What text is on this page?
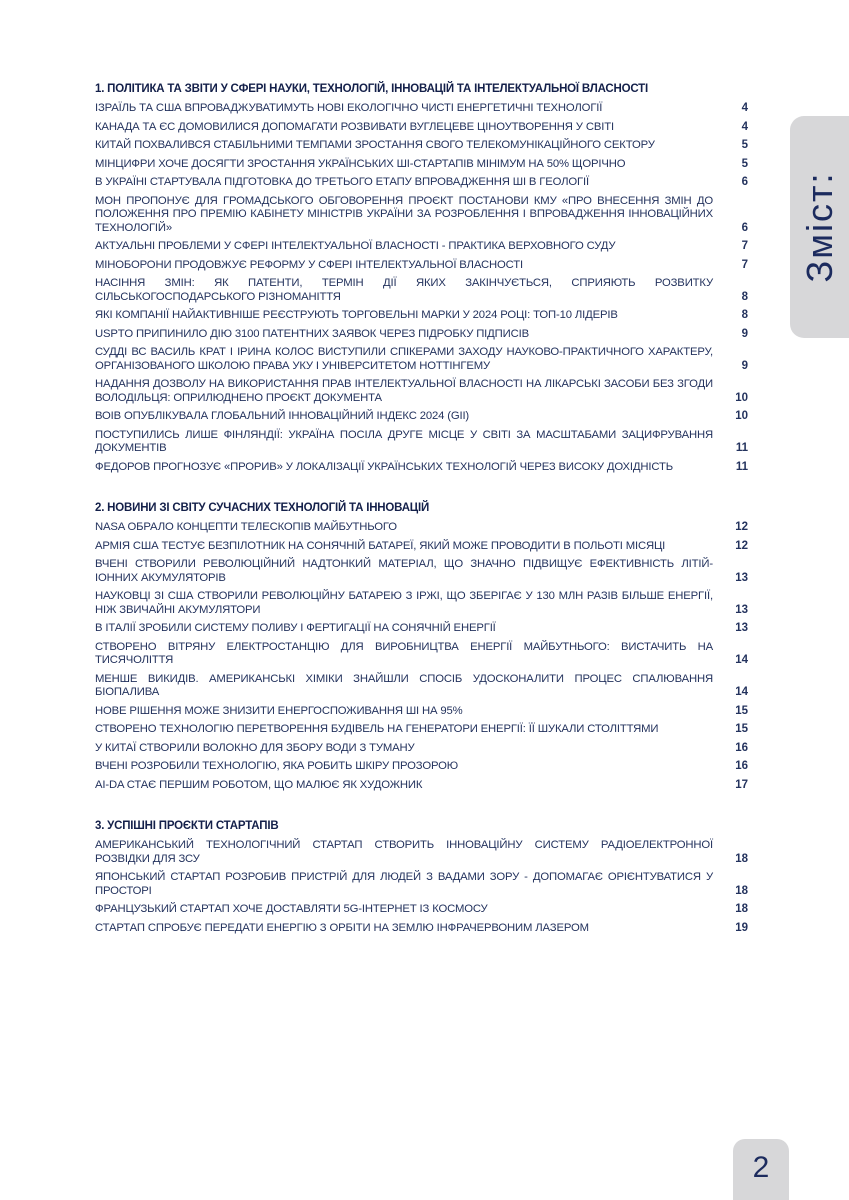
1. ПОЛІТИКА ТА ЗВІТИ У СФЕРІ НАУКИ, ТЕХНОЛОГІЙ, ІННОВАЦІЙ ТА ІНТЕЛЕКТУАЛЬНОЇ ВЛАСНОСТІ
ІЗРАЇЛЬ ТА США ВПРОВАДЖУВАТИМУТЬ НОВІ ЕКОЛОГІЧНО ЧИСТІ ЕНЕРГЕТИЧНІ ТЕХНОЛОГІЇ	4
КАНАДА ТА ЄС ДОМОВИЛИСЯ ДОПОМАГАТИ РОЗВИВАТИ ВУГЛЕЦЕВЕ ЦІНОУТВОРЕННЯ У СВІТІ	4
КИТАЙ ПОХВАЛИВСЯ СТАБІЛЬНИМИ ТЕМПАМИ ЗРОСТАННЯ СВОГО ТЕЛЕКОМУНІКАЦІЙНОГО СЕКТОРУ	5
МІНЦИФРИ ХОЧЕ ДОСЯГТИ ЗРОСТАННЯ УКРАЇНСЬКИХ ШІ-СТАРТАПІВ МІНІМУМ НА 50% ЩОРІЧНО	5
В УКРАЇНІ СТАРТУВАЛА ПІДГОТОВКА ДО ТРЕТЬОГО ЕТАПУ ВПРОВАДЖЕННЯ ШІ В ГЕОЛОГІЇ	6
МОН ПРОПОНУЄ ДЛЯ ГРОМАДСЬКОГО ОБГОВОРЕННЯ ПРОЄКТ ПОСТАНОВИ КМУ «ПРО ВНЕСЕННЯ ЗМІН ДО ПОЛОЖЕННЯ ПРО ПРЕМІЮ КАБІНЕТУ МІНІСТРІВ УКРАЇНИ ЗА РОЗРОБЛЕННЯ І ВПРОВАДЖЕННЯ ІННОВАЦІЙНИХ ТЕХНОЛОГІЙ»	6
АКТУАЛЬНІ ПРОБЛЕМИ У СФЕРІ ІНТЕЛЕКТУАЛЬНОЇ ВЛАСНОСТІ - ПРАКТИКА ВЕРХОВНОГО СУДУ	7
МІНОБОРОНИ ПРОДОВЖУЄ РЕФОРМУ У СФЕРІ ІНТЕЛЕКТУАЛЬНОЇ ВЛАСНОСТІ	7
НАСІННЯ ЗМІН: ЯК ПАТЕНТИ, ТЕРМІН ДІЇ ЯКИХ ЗАКІНЧУЄТЬСЯ, СПРИЯЮТЬ РОЗВИТКУ СІЛЬСЬКОГОСПОДАРСЬКОГО РІЗНОМАНІТТЯ	8
ЯКІ КОМПАНІЇ НАЙАКТИВНІШЕ РЕЄСТРУЮТЬ ТОРГОВЕЛЬНІ МАРКИ У 2024 РОЦІ: ТОП-10 ЛІДЕРІВ	8
USPTO ПРИПИНИЛО ДІЮ 3100 ПАТЕНТНИХ ЗАЯВОК ЧЕРЕЗ ПІДРОБКУ ПІДПИСІВ	9
СУДДІ ВС ВАСИЛЬ КРАТ І ІРИНА КОЛОС ВИСТУПИЛИ СПІКЕРАМИ ЗАХОДУ НАУКОВО-ПРАКТИЧНОГО ХАРАКТЕРУ, ОРГАНІЗОВАНОГО ШКОЛОЮ ПРАВА УКУ І УНІВЕРСИТЕТОМ НОТТІНГЕМУ	9
НАДАННЯ ДОЗВОЛУ НА ВИКОРИСТАННЯ ПРАВ ІНТЕЛЕКТУАЛЬНОЇ ВЛАСНОСТІ НА ЛІКАРСЬКІ ЗАСОБИ БЕЗ ЗГОДИ ВОЛОДІЛЬЦЯ: ОПРИЛЮДНЕНО ПРОЄКТ ДОКУМЕНТА	10
ВОІВ ОПУБЛІКУВАЛА ГЛОБАЛЬНИЙ ІННОВАЦІЙНИЙ ІНДЕКС 2024 (GII)	10
ПОСТУПИЛИСЬ ЛИШЕ ФІНЛЯНДІЇ: УКРАЇНА ПОСІЛА ДРУГЕ МІСЦЕ У СВІТІ ЗА МАСШТАБАМИ ЗАЦИФРУВАННЯ ДОКУМЕНТІВ	11
ФЕДОРОВ ПРОГНОЗУЄ «ПРОРИВ» У ЛОКАЛІЗАЦІЇ УКРАЇНСЬКИХ ТЕХНОЛОГІЙ ЧЕРЕЗ ВИСОКУ ДОХІДНІСТЬ	11
2. НОВИНИ ЗІ СВІТУ СУЧАСНИХ ТЕХНОЛОГІЙ ТА ІННОВАЦІЙ
NASA ОБРАЛО КОНЦЕПТИ ТЕЛЕСКОПІВ МАЙБУТНЬОГО	12
АРМІЯ США ТЕСТУЄ БЕЗПІЛОТНИК НА СОНЯЧНІЙ БАТАРЕЇ, ЯКИЙ МОЖЕ ПРОВОДИТИ В ПОЛЬОТІ МІСЯЦІ	12
ВЧЕНІ СТВОРИЛИ РЕВОЛЮЦІЙНИЙ НАДТОНКИЙ МАТЕРІАЛ, ЩО ЗНАЧНО ПІДВИЩУЄ ЕФЕКТИВНІСТЬ ЛІТІЙ-ІОННИХ АКУМУЛЯТОРІВ	13
НАУКОВЦІ ЗІ США СТВОРИЛИ РЕВОЛЮЦІЙНУ БАТАРЕЮ З ІРЖІ, ЩО ЗБЕРІГАЄ У 130 МЛН РАЗІВ БІЛЬШЕ ЕНЕРГІЇ, НІЖ ЗВИЧАЙНІ АКУМУЛЯТОРИ	13
В ІТАЛІЇ ЗРОБИЛИ СИСТЕМУ ПОЛИВУ І ФЕРТИГАЦІЇ НА СОНЯЧНІЙ ЕНЕРГІЇ	13
СТВОРЕНО ВІТРЯНУ ЕЛЕКТРОСТАНЦІЮ ДЛЯ ВИРОБНИЦТВА ЕНЕРГІЇ МАЙБУТНЬОГО: ВИСТАЧИТЬ НА ТИСЯЧОЛІТТЯ	14
МЕНШЕ ВИКИДІВ. АМЕРИКАНСЬКІ ХІМІКИ ЗНАЙШЛИ СПОСІБ УДОСКОНАЛИТИ ПРОЦЕС СПАЛЮВАННЯ БІОПАЛИВА	14
НОВЕ РІШЕННЯ МОЖЕ ЗНИЗИТИ ЕНЕРГОСПОЖИВАННЯ ШІ НА 95%	15
СТВОРЕНО ТЕХНОЛОГІЮ ПЕРЕТВОРЕННЯ БУДІВЕЛЬ НА ГЕНЕРАТОРИ ЕНЕРГІЇ: ЇЇ ШУКАЛИ СТОЛІТТЯМИ	15
У КИТАЇ СТВОРИЛИ ВОЛОКНО ДЛЯ ЗБОРУ ВОДИ З ТУМАНУ	16
ВЧЕНІ РОЗРОБИЛИ ТЕХНОЛОГІЮ, ЯКА РОБИТЬ ШКІРУ ПРОЗОРОЮ	16
AI-DA СТАЄ ПЕРШИМ РОБОТОМ, ЩО МАЛЮЄ ЯК ХУДОЖНИК	17
3. УСПІШНІ ПРОЄКТИ СТАРТАПІВ
АМЕРИКАНСЬКИЙ ТЕХНОЛОГІЧНИЙ СТАРТАП СТВОРИТЬ ІННОВАЦІЙНУ СИСТЕМУ РАДІОЕЛЕКТРОННОЇ РОЗВІДКИ ДЛЯ ЗСУ	18
ЯПОНСЬКИЙ СТАРТАП РОЗРОБИВ ПРИСТРІЙ ДЛЯ ЛЮДЕЙ З ВАДАМИ ЗОРУ - ДОПОМАГАЄ ОРІЄНТУВАТИСЯ У ПРОСТОРІ	18
ФРАНЦУЗЬКИЙ СТАРТАП ХОЧЕ ДОСТАВЛЯТИ 5G-ІНТЕРНЕТ ІЗ КОСМОСУ	18
СТАРТАП СПРОБУЄ ПЕРЕДАТИ ЕНЕРГІЮ З ОРБІТИ НА ЗЕМЛЮ ІНФРАЧЕРВОНИМ ЛАЗЕРОМ	19
Зміст:
2
